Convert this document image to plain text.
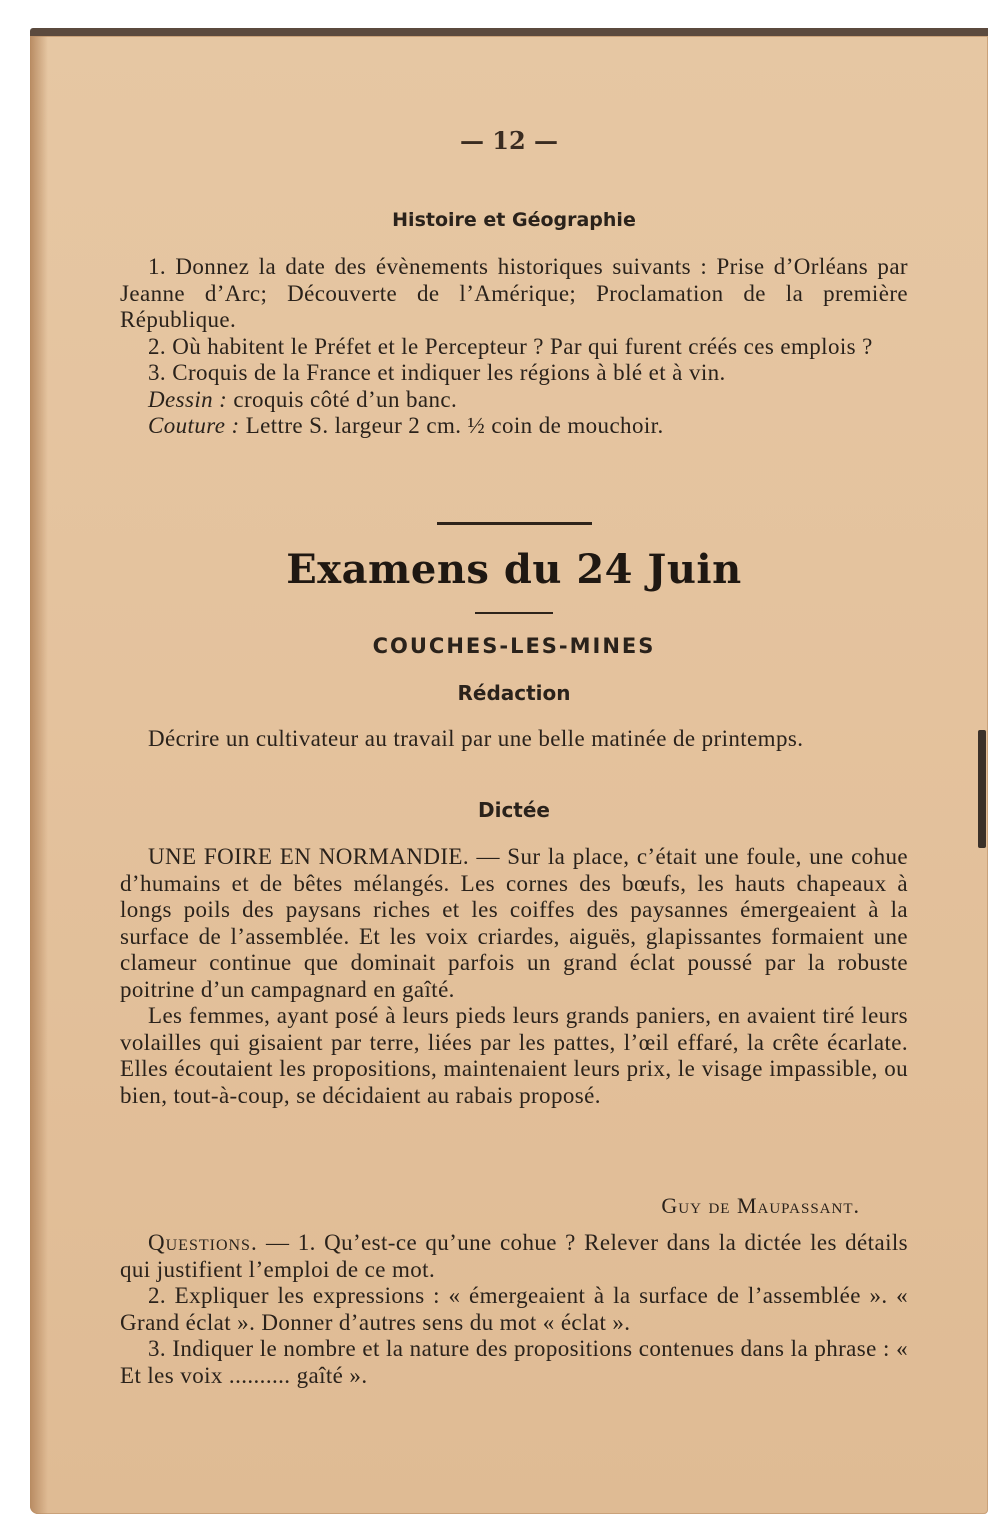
— 12 —
Histoire et Géographie

1. Donnez la date des évènements historiques suivants : Prise d’Orléans par Jeanne d’Arc; Découverte de l’Amérique; Proclamation de la première République.

2. Où habitent le Préfet et le Percepteur ? Par qui furent créés ces emplois ?

3. Croquis de la France et indiquer les régions à blé et à vin.

Dessin : croquis côté d’un banc.

Couture : Lettre S. largeur 2 cm. ½ coin de mouchoir.

Examens du 24 Juin
COUCHES-LES-MINES
Rédaction

Décrire un cultivateur au travail par une belle matinée de printemps.

Dictée

UNE FOIRE EN NORMANDIE. — Sur la place, c’était une foule, une cohue d’humains et de bêtes mélangés. Les cornes des bœufs, les hauts chapeaux à longs poils des paysans riches et les coiffes des paysannes émergeaient à la surface de l’assemblée. Et les voix criardes, aiguës, glapissantes formaient une clameur continue que dominait parfois un grand éclat poussé par la robuste poitrine d’un campagnard en gaîté.

Les femmes, ayant posé à leurs pieds leurs grands paniers, en avaient tiré leurs volailles qui gisaient par terre, liées par les pattes, l’œil effaré, la crête écarlate. Elles écoutaient les propositions, maintenaient leurs prix, le visage impassible, ou bien, tout-à-coup, se décidaient au rabais proposé.

Guy de Maupassant.

Questions. — 1. Qu’est-ce qu’une cohue ? Relever dans la dictée les détails qui justifient l’emploi de ce mot.

2. Expliquer les expressions : « émergeaient à la surface de l’assemblée ». « Grand éclat ». Donner d’autres sens du mot « éclat ».

3. Indiquer le nombre et la nature des propositions contenues dans la phrase : « Et les voix .......... gaîté ».
